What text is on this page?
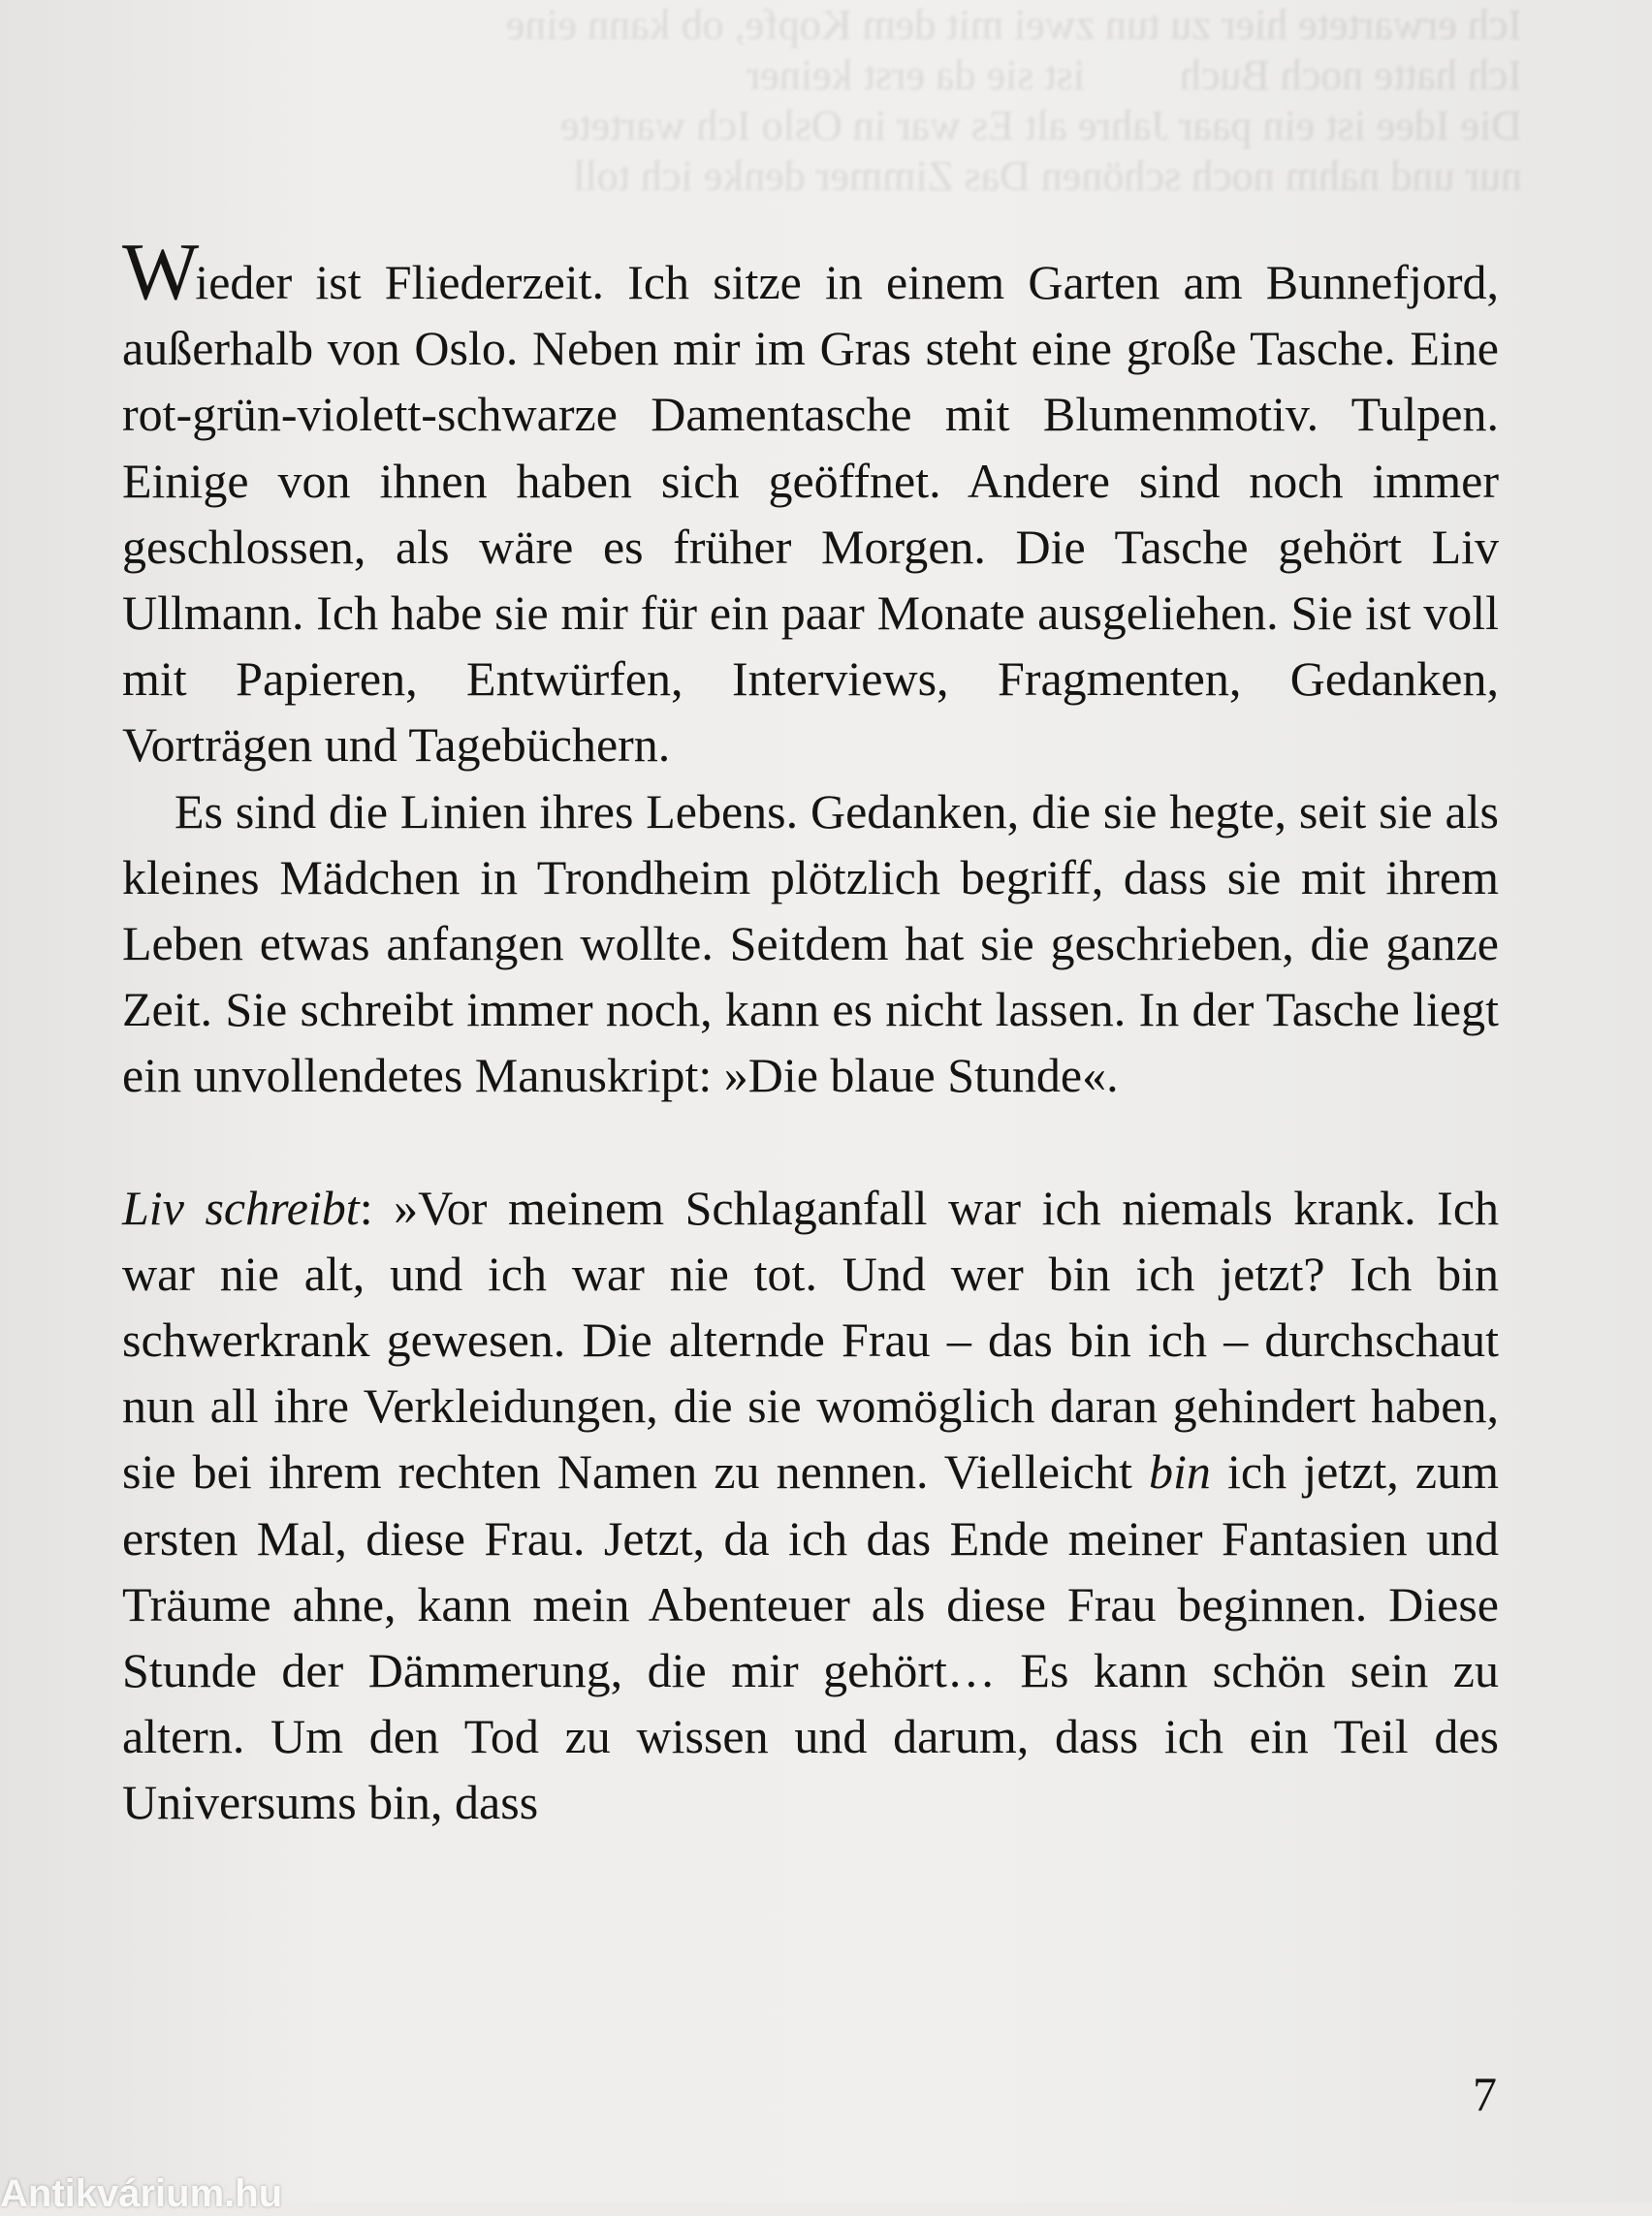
Ich erwartete hier zu tun zwei mit dem Kopfe, ob kann eine
Ich hatte noch Buch	ist sie da erst keiner
Die Idee ist ein paar Jahre alt Es war in Oslo Ich wartete
nur und nahm noch schönen Das Zimmer denke ich toll

Wieder ist Fliederzeit. Ich sitze in einem Garten am Bunnefjord, außerhalb von Oslo. Neben mir im Gras steht eine große Tasche. Eine rot-grün-violett-schwarze Damentasche mit Blumenmotiv. Tulpen. Einige von ihnen haben sich geöffnet. Andere sind noch immer geschlossen, als wäre es früher Morgen. Die Tasche gehört Liv Ullmann. Ich habe sie mir für ein paar Monate ausgeliehen. Sie ist voll mit Papieren, Entwürfen, Interviews, Fragmenten, Gedanken, Vorträgen und Tagebüchern.

Es sind die Linien ihres Lebens. Gedanken, die sie hegte, seit sie als kleines Mädchen in Trondheim plötzlich begriff, dass sie mit ihrem Leben etwas anfangen wollte. Seitdem hat sie geschrieben, die ganze Zeit. Sie schreibt immer noch, kann es nicht lassen. In der Tasche liegt ein unvollendetes Manuskript: »Die blaue Stunde«.

Liv schreibt: »Vor meinem Schlaganfall war ich niemals krank. Ich war nie alt, und ich war nie tot. Und wer bin ich jetzt? Ich bin schwerkrank gewesen. Die alternde Frau – das bin ich – durchschaut nun all ihre Verkleidungen, die sie womöglich daran gehindert haben, sie bei ihrem rechten Namen zu nennen. Vielleicht bin ich jetzt, zum ersten Mal, diese Frau. Jetzt, da ich das Ende meiner Fantasien und Träume ahne, kann mein Abenteuer als diese Frau beginnen. Diese Stunde der Dämmerung, die mir gehört… Es kann schön sein zu altern. Um den Tod zu wissen und darum, dass ich ein Teil des Universums bin, dass

7
Antikvárium.hu
